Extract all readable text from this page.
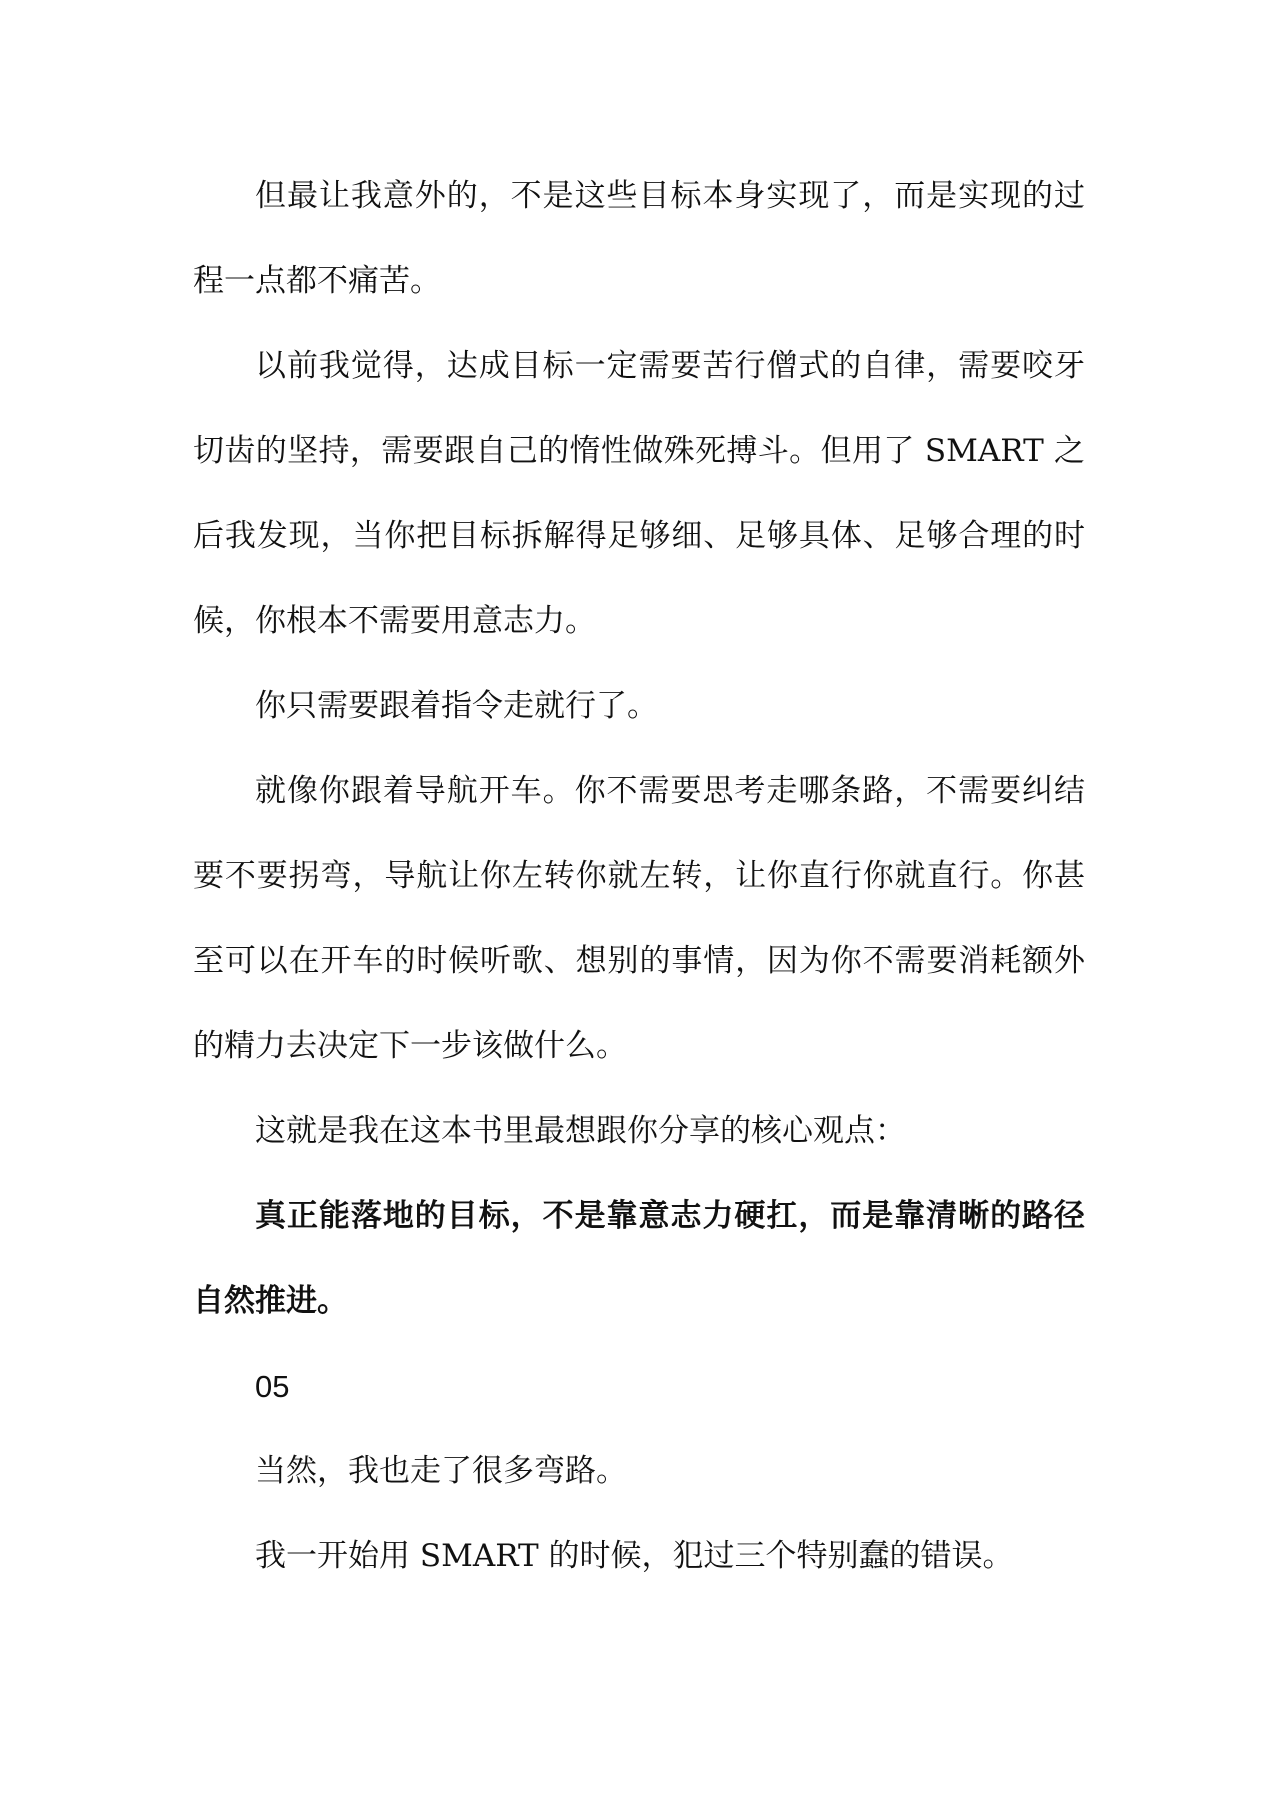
但最让我意外的，不是这些目标本身实现了，而是实现的过程一点都不痛苦。

以前我觉得，达成目标一定需要苦行僧式的自律，需要咬牙切齿的坚持，需要跟自己的惰性做殊死搏斗。但用了 SMART 之后我发现，当你把目标拆解得足够细、足够具体、足够合理的时候，你根本不需要用意志力。

你只需要跟着指令走就行了。

就像你跟着导航开车。你不需要思考走哪条路，不需要纠结要不要拐弯，导航让你左转你就左转，让你直行你就直行。你甚至可以在开车的时候听歌、想别的事情，因为你不需要消耗额外的精力去决定下一步该做什么。

这就是我在这本书里最想跟你分享的核心观点：

真正能落地的目标，不是靠意志力硬扛，而是靠清晰的路径自然推进。

05

当然，我也走了很多弯路。

我一开始用 SMART 的时候，犯过三个特别蠢的错误。
